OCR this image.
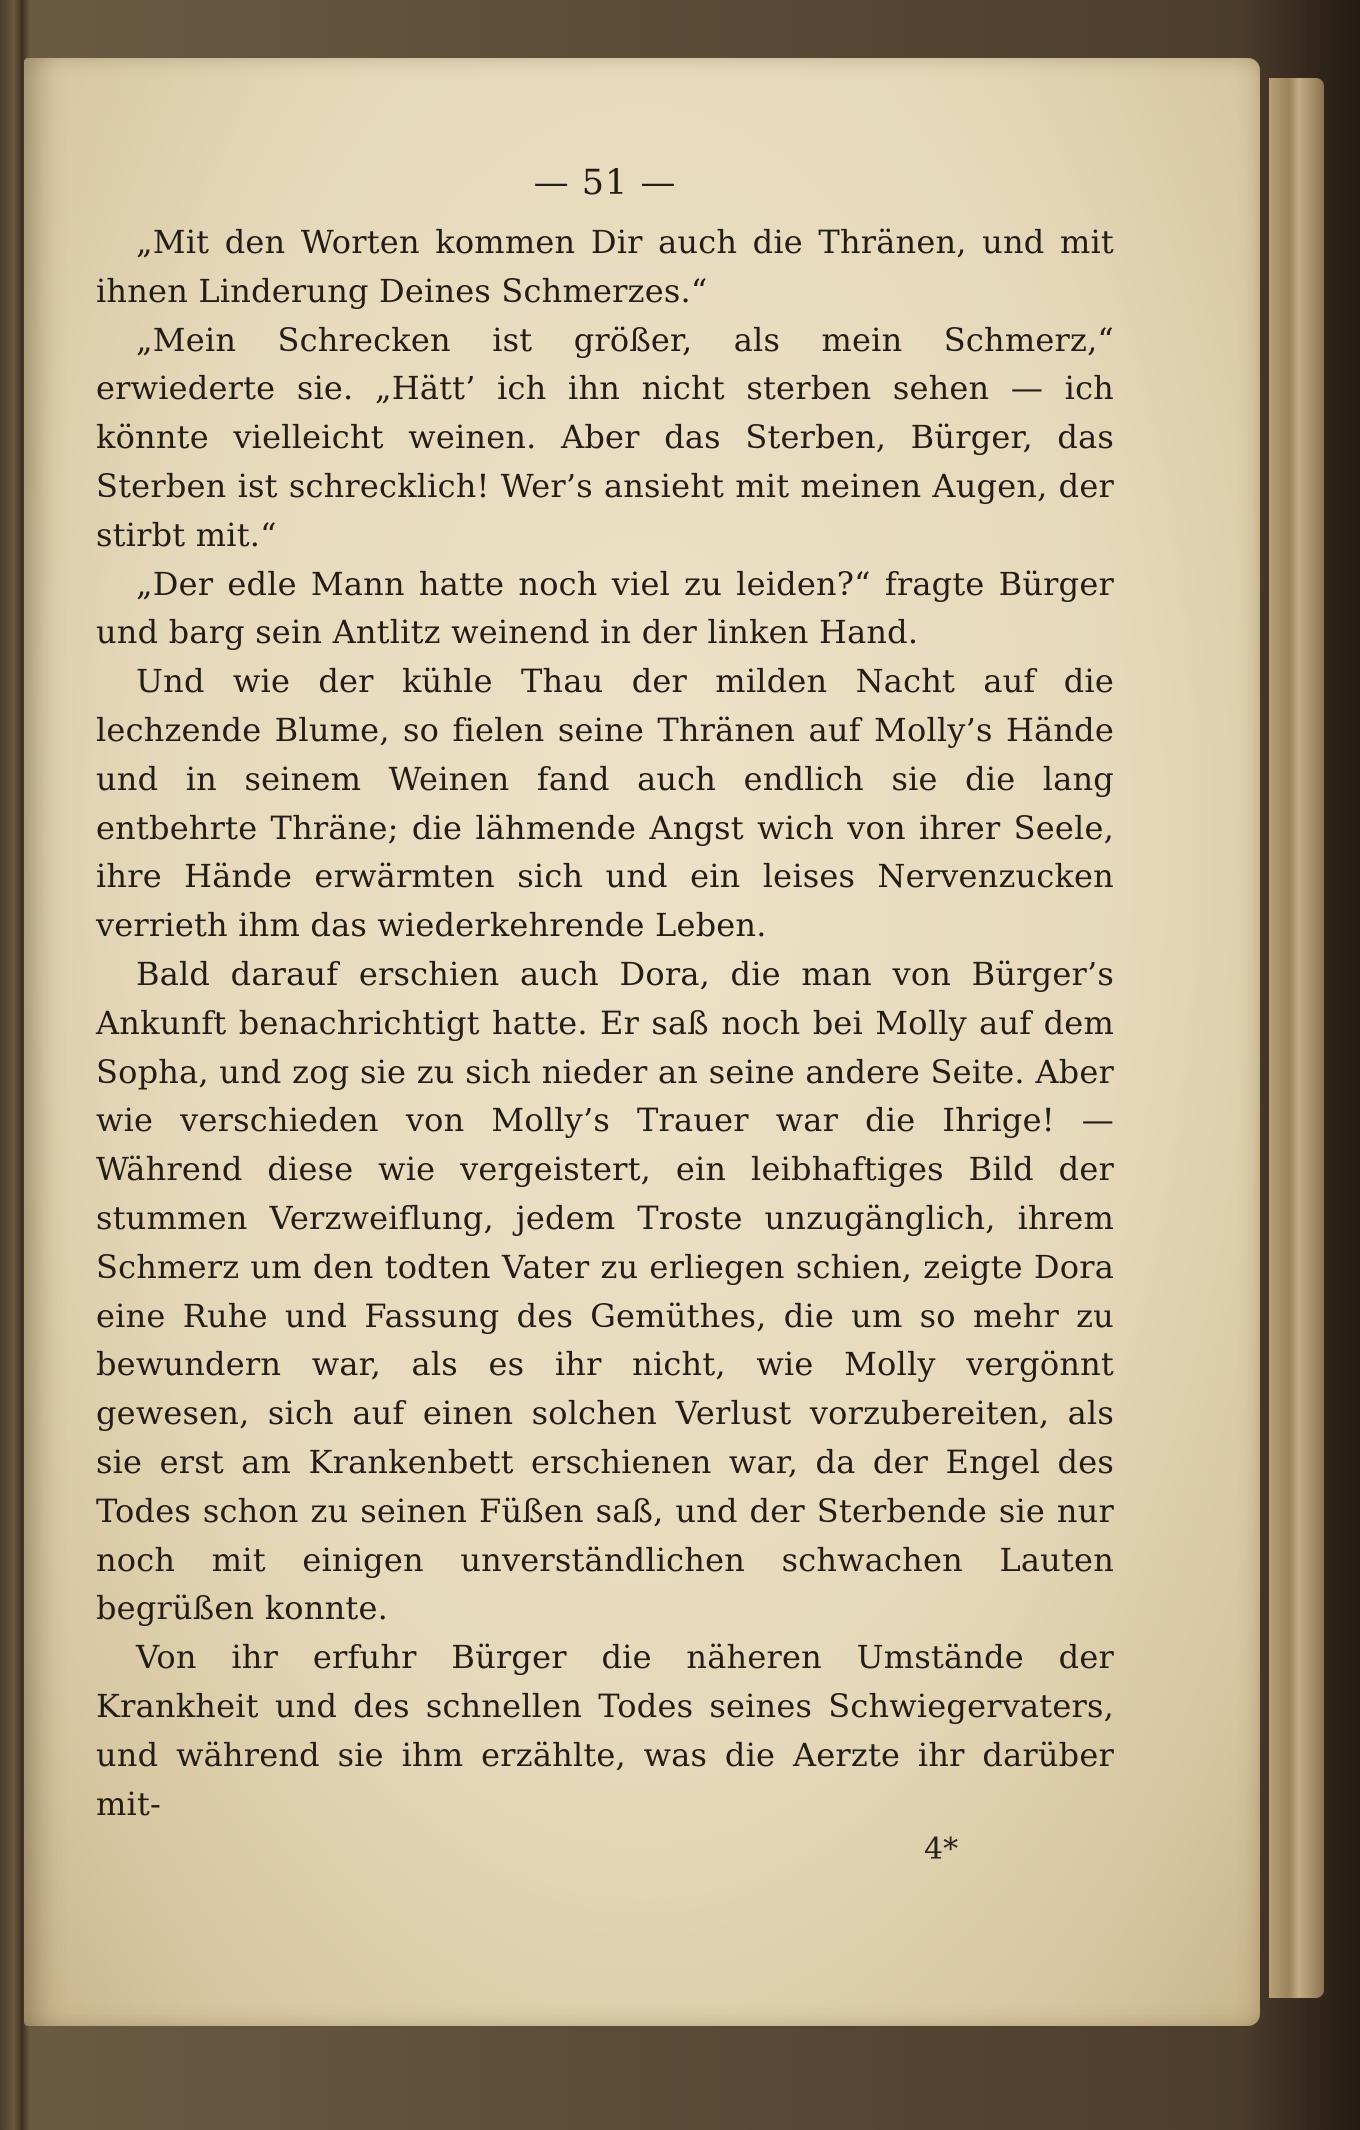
— 51 —

„Mit den Worten kommen Dir auch die Thränen, und mit ihnen Linderung Deines Schmerzes.“

„Mein Schrecken ist größer, als mein Schmerz,“ erwiederte sie. „Hätt’ ich ihn nicht sterben sehen — ich könnte vielleicht weinen. Aber das Sterben, Bürger, das Sterben ist schrecklich! Wer’s ansieht mit meinen Augen, der stirbt mit.“

„Der edle Mann hatte noch viel zu leiden?“ fragte Bürger und barg sein Antlitz weinend in der linken Hand.

Und wie der kühle Thau der milden Nacht auf die lechzende Blume, so fielen seine Thränen auf Molly’s Hände und in seinem Weinen fand auch endlich sie die lang entbehrte Thräne; die lähmende Angst wich von ihrer Seele, ihre Hände erwärmten sich und ein leises Nervenzucken verrieth ihm das wiederkehrende Leben.

Bald darauf erschien auch Dora, die man von Bürger’s Ankunft benachrichtigt hatte. Er saß noch bei Molly auf dem Sopha, und zog sie zu sich nieder an seine andere Seite. Aber wie verschieden von Molly’s Trauer war die Ihrige! — Während diese wie vergeistert, ein leibhaftiges Bild der stummen Verzweiflung, jedem Troste unzugänglich, ihrem Schmerz um den todten Vater zu erliegen schien, zeigte Dora eine Ruhe und Fassung des Gemüthes, die um so mehr zu bewundern war, als es ihr nicht, wie Molly vergönnt gewesen, sich auf einen solchen Verlust vorzubereiten, als sie erst am Krankenbett erschienen war, da der Engel des Todes schon zu seinen Füßen saß, und der Sterbende sie nur noch mit einigen unverständlichen schwachen Lauten begrüßen konnte.

Von ihr erfuhr Bürger die näheren Umstände der Krankheit und des schnellen Todes seines Schwiegervaters, und während sie ihm erzählte, was die Aerzte ihr darüber mit-

4*
